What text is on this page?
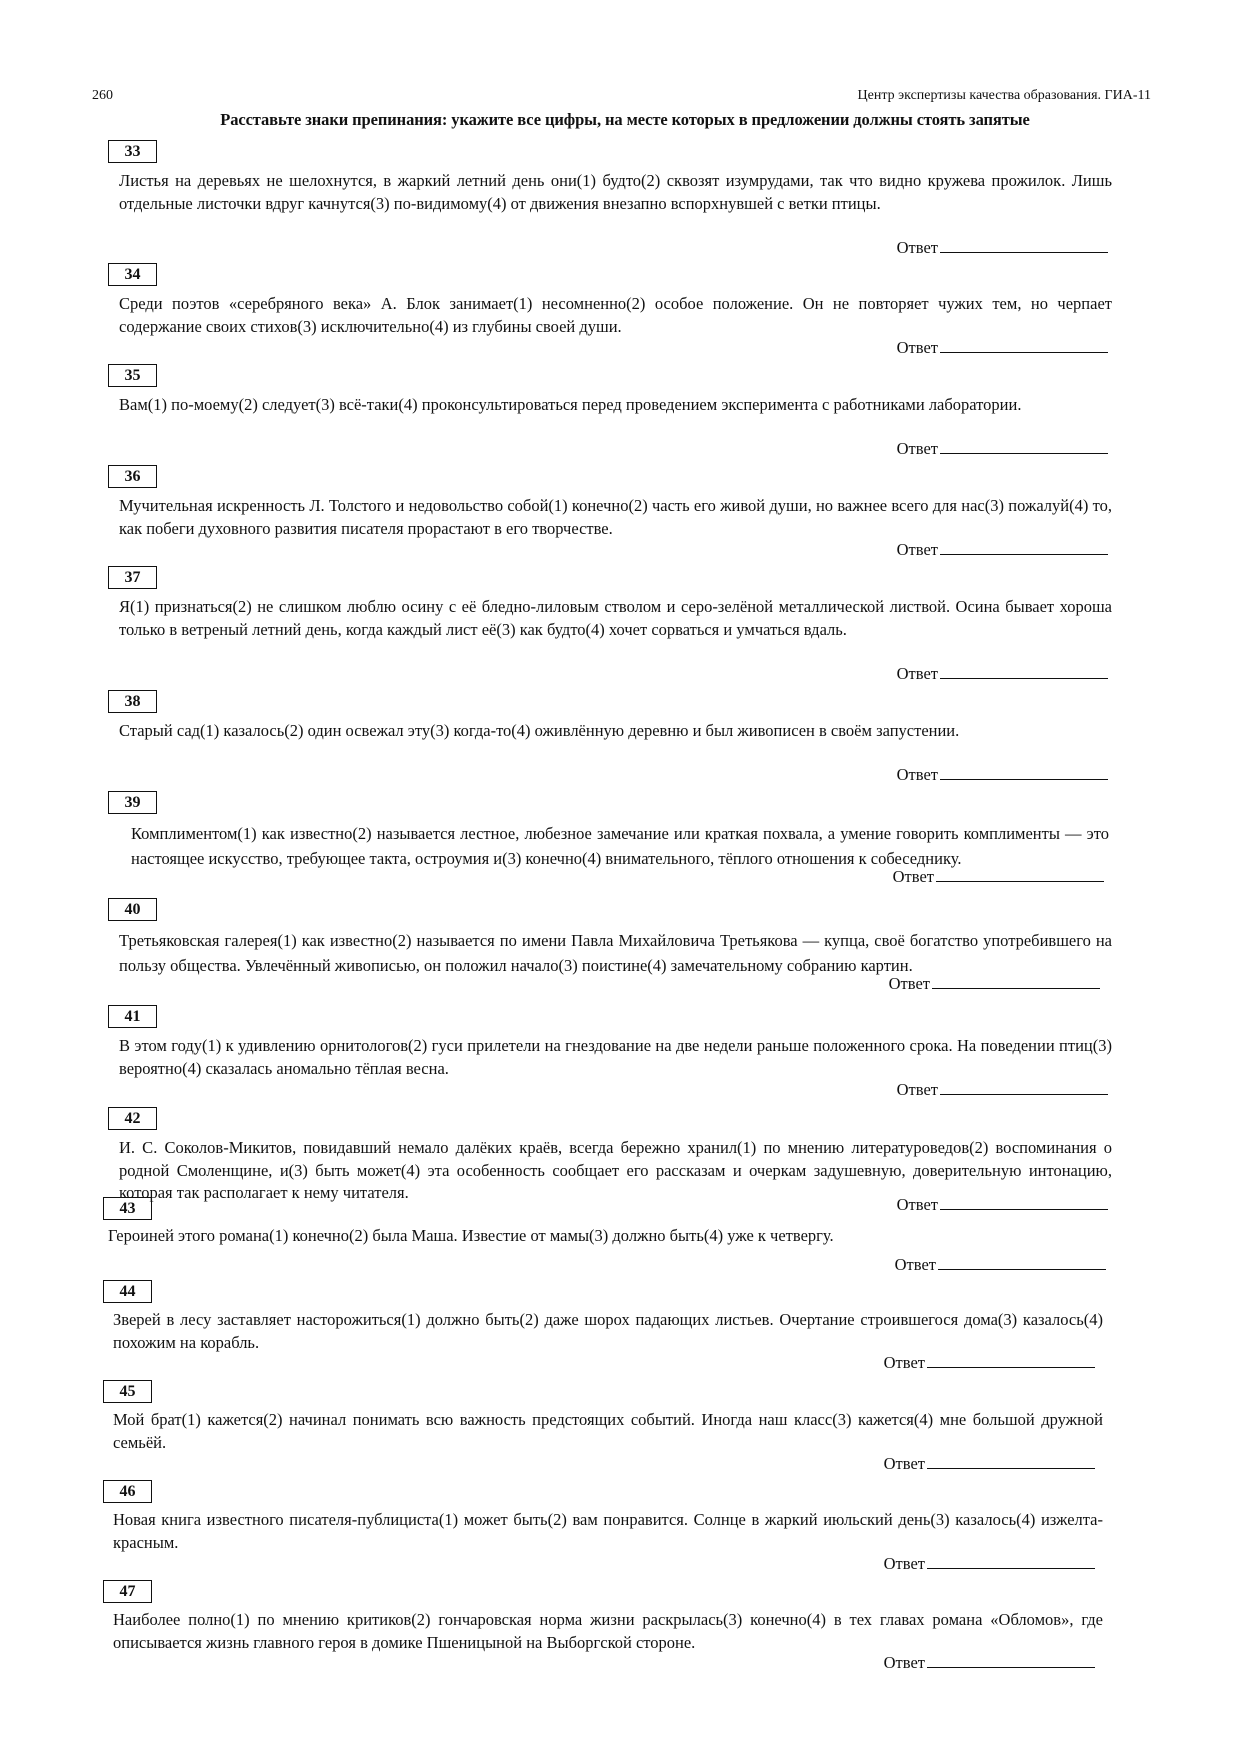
260	Центр экспертизы качества образования. ГИА-11
Расставьте знаки препинания: укажите все цифры, на месте которых в предложении должны стоять запятые
33
Листья на деревьях не шелохнутся, в жаркий летний день они(1) будто(2) сквозят изумрудами, так что видно кружева прожилок. Лишь отдельные листочки вдруг качнутся(3) по-видимому(4) от движения внезапно вспорхнувшей с ветки птицы.
Ответ
34
Среди поэтов «серебряного века» А. Блок занимает(1) несомненно(2) особое положение. Он не повторяет чужих тем, но черпает содержание своих стихов(3) исключительно(4) из глубины своей души.
Ответ
35
Вам(1) по-моему(2) следует(3) всё-таки(4) проконсультироваться перед проведением эксперимента с работниками лаборатории.
Ответ
36
Мучительная искренность Л. Толстого и недовольство собой(1) конечно(2) часть его живой души, но важнее всего для нас(3) пожалуй(4) то, как побеги духовного развития писателя прорастают в его творчестве.
Ответ
37
Я(1) признаться(2) не слишком люблю осину с её бледно-лиловым стволом и серо-зелёной металлической листвой. Осина бывает хороша только в ветреный летний день, когда каждый лист её(3) как будто(4) хочет сорваться и умчаться вдаль.
Ответ
38
Старый сад(1) казалось(2) один освежал эту(3) когда-то(4) оживлённую деревню и был живописен в своём запустении.
Ответ
39
Комплиментом(1) как известно(2) называется лестное, любезное замечание или краткая похвала, а умение говорить комплименты — это настоящее искусство, требующее такта, остроумия и(3) конечно(4) внимательного, тёплого отношения к собеседнику.
Ответ
40
Третьяковская галерея(1) как известно(2) называется по имени Павла Михайловича Третьякова — купца, своё богатство употребившего на пользу общества. Увлечённый живописью, он положил начало(3) поистине(4) замечательному собранию картин.
Ответ
41
В этом году(1) к удивлению орнитологов(2) гуси прилетели на гнездование на две недели раньше положенного срока. На поведении птиц(3) вероятно(4) сказалась аномально тёплая весна.
Ответ
42
И. С. Соколов-Микитов, повидавший немало далёких краёв, всегда бережно хранил(1) по мнению литературоведов(2) воспоминания о родной Смоленщине, и(3) быть может(4) эта особенность сообщает его рассказам и очеркам задушевную, доверительную интонацию, которая так располагает к нему читателя.
43
Героиней этого романа(1) конечно(2) была Маша. Известие от мамы(3) должно быть(4) уже к четвергу.
Ответ
Ответ
44
Зверей в лесу заставляет насторожиться(1) должно быть(2) даже шорох падающих листьев. Очертание строившегося дома(3) казалось(4) похожим на корабль.
Ответ
45
Мой брат(1) кажется(2) начинал понимать всю важность предстоящих событий. Иногда наш класс(3) кажется(4) мне большой дружной семьёй.
Ответ
46
Новая книга известного писателя-публициста(1) может быть(2) вам понравится. Солнце в жаркий июльский день(3) казалось(4) изжелта-красным.
Ответ
47
Наиболее полно(1) по мнению критиков(2) гончаровская норма жизни раскрылась(3) конечно(4) в тех главах романа «Обломов», где описывается жизнь главного героя в домике Пшеницыной на Выборгской стороне.
Ответ
